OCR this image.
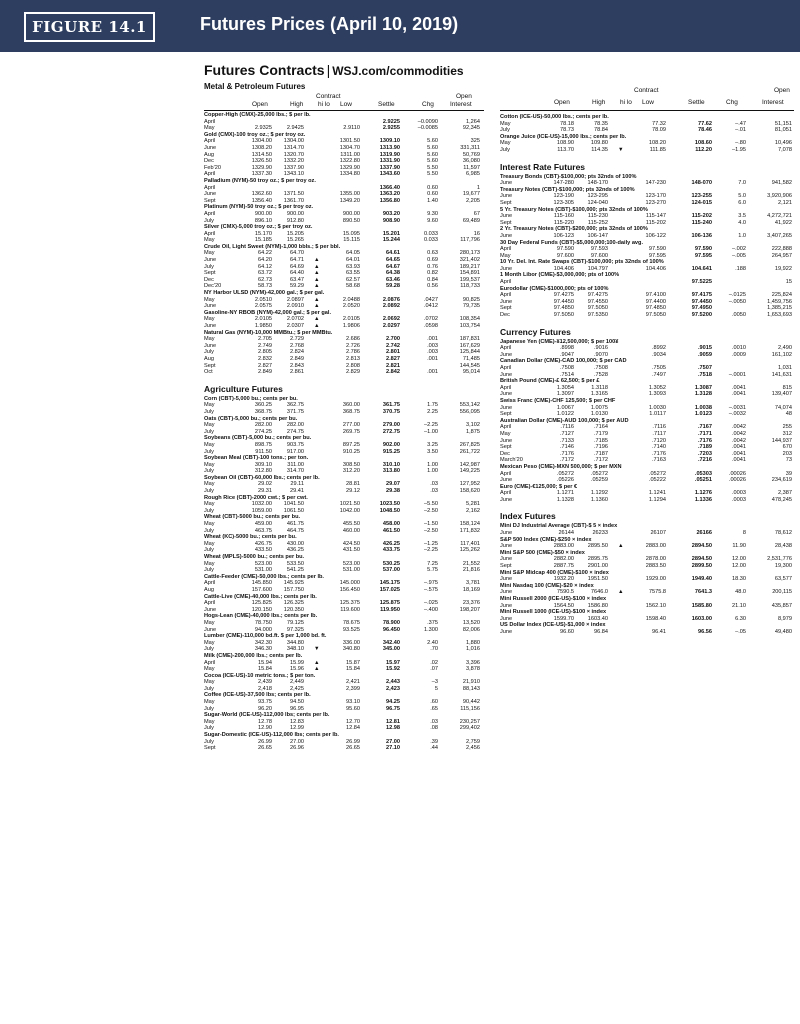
FIGURE 14.1	Futures Prices (April 10, 2019)
Futures Contracts | WSJ.com/commodities
Metal & Petroleum Futures
Contract	Open
Open	High hi lo Low	Settle	Chg Interest
Copper-High (CMX)-25,000 lbs.; $ per lb.
April	2.9225	–0.0090	1,264
May	2.9325	2.9425	2.9110	2.9255	–0.0085	92,345
Gold (CMX)-100 troy oz.; $ per troy oz.
April	1304.00 1304.00	1301.50	1309.10	5.60	325
June	1308.20 1314.70	1304.70	1313.90	5.60	331,311
Aug	1314.50 1320.70	1311.00	1319.90	5.60	50,769
Dec	1326.50 1332.20	1322.80	1331.90	5.60	36,080
Feb'20	1329.90 1337.90	1329.90	1337.90	5.50	11,597
April	1337.30 1343.10	1334.80	1343.60	5.50	6,985
Palladium (NYM)-50 troy oz.; $ per troy oz.
April	1366.40	0.60	1
June	1362.60 1371.50	1355.00	1363.20	0.60	19,677
Sept	1356.40 1361.70	1349.20	1356.80	1.40	2,205
Platinum (NYM)-50 troy oz.; $ per troy oz.
April	900.00	900.00	900.00	903.20	9.30	67
July	896.10	912.80	890.50	908.90	9.60	69,489
Silver (CMX)-5,000 troy oz.; $ per troy oz.
April	15.170	15.205	15.095	15.201	0.033	16
May	15.185	15.265	15.115	15.244	0.033	117,796
Crude Oil, Light Sweet (NYM)-1,000 bbls.; $ per bbl.
May	64.22	64.70	64.05	64.61	0.63	280,173
June	64.20	64.71 ▲	64.01	64.65	0.69	321,402
July	64.12	64.69 ▲	63.93	64.67	0.76	189,217
Sept	63.72	64.40 ▲	63.55	64.38	0.82	154,891
Dec	62.73	63.47 ▲	62.57	63.46	0.84	199,537
Dec'20	58.73	59.29 ▲	58.68	59.28	0.56	118,733
NY Harbor ULSD (NYM)-42,000 gal.; $ per gal.
May	2.0510	2.0897 ▲	2.0488	2.0876	.0427	90,825
June	2.0575	2.0910 ▲	2.0520	2.0892	.0412	79,735
Gasoline-NY RBOB (NYM)-42,000 gal.; $ per gal.
May	2.0105	2.0702 ▲	2.0105	2.0692	.0702	108,354
June	1.9850	2.0307 ▲	1.9806	2.0297	.0598	103,754
Natural Gas (NYM)-10,000 MMBtu.; $ per MMBtu.
May	2.705	2.729	2.686	2.700	.001	187,831
June	2.749	2.768	2.726	2.742	.003	167,629
July	2.805	2.824	2.786	2.801	.003	125,844
Aug	2.832	2.849	2.813	2.827	.001	71,485
Sept	2.827	2.843	2.808	2.821	144,545
Oct	2.849	2.861	2.829	2.842	.001	95,014
Agriculture Futures
Corn (CBT)-5,000 bu.; cents per bu.
May	360.25	362.75	360.00	361.75	1.75	553,142
July	368.75	371.75	368.75	370.75	2.25	556,095
Oats (CBT)-5,000 bu.; cents per bu.
May	282.00	282.00	277.00	279.00	–2.25	3,102
July	274.25	274.75	269.75	272.75	–1.00	1,875
Soybeans (CBT)-5,000 bu.; cents per bu.
May	898.75	903.75	897.25	902.00	3.25	267,825
July	911.50	917.00	910.25	915.25	3.50	261,722
Soybean Meal (CBT)-100 tons.; per ton.
May	309.10	311.00	308.50	310.10	1.00	142,987
July	312.80	314.70	312.20	313.80	1.00	149,225
Soybean Oil (CBT)-60,000 lbs.; cents per lb.
May	29.02	29.11	28.81	29.07	.03	127,952
July	29.31	29.41	29.12	29.38	.03	158,620
Rough Rice (CBT)-2000 cwt.; $ per cwt.
May	1032.00 1041.50	1021.50	1023.50	–5.50	5,281
July	1059.00 1061.50	1042.00	1048.50	–2.50	2,162
Wheat (CBT)-5000 bu.; cents per bu.
May	459.00	461.75	455.50	458.00	–1.50	158,124
July	463.75	464.75	460.00	461.50	–2.50	171,832
Wheat (KC)-5000 bu.; cents per bu.
May	426.75	430.00	424.50	426.25	–1.25	117,401
July	433.50	436.25	431.50	433.75	–2.25	125,262
Wheat (MPLS)-5000 bu.; cents per bu.
May	523.00	533.50	523.00	530.25	7.25	21,552
July	531.00	541.25	531.00	537.00	5.75	21,816
Cattle-Feeder (CME)-50,000 lbs.; cents per lb.
April	145.850 145.925	145.000	145.175	–.975	3,781
Aug	157.600 157.750	156.450	157.025	–.575	18,169
Cattle-Live (CME)-40,000 lbs.; cents per lb.
April	125.825 126.325	125.375	125.875	–.025	23,376
June	120.150 120.350	119.600	119.950	–.400	198,207
Hogs-Lean (CME)-40,000 lbs.; cents per lb.
May	78.750	79.125	78.675	78.900	.375	13,520
June	94.000	97.325	93.525	96.450	1.300	82,006
Lumber (CME)-110,000 bd.ft. $ per 1,000 bd. ft.
May	342.30	344.80	336.00	342.40	2.40	1,880
July	346.30	348.10 ▼	340.80	345.00	.70	1,016
Milk (CME)-200,000 lbs.; cents per lb.
April	15.94	15.99 ▲	15.87	15.97	.02	3,396
May	15.84	15.96 ▲	15.84	15.92	.07	3,878
Cocoa (ICE-US)-10 metric tons.; $ per ton.
May	2,439	2,449	2,421	2,443	–3	21,910
July	2,418	2,425	2,399	2,423	5	88,143
Coffee (ICE-US)-37,500 lbs; cents per lb.
May	93.75	94.50	93.10	94.25	.60	90,442
July	96.20	96.95	95.60	96.75	.65	115,156
Sugar-World (ICE-US)-112,000 lbs; cents per lb.
May	12.78	12.83	12.70	12.81	.03	230,257
July	12.90	12.99	12.84	12.98	.08	299,402
Sugar-Domestic (ICE-US)-112,000 lbs; cents per lb.
July	26.99	27.00	26.99	27.00	.39	2,759
Sept	26.65	26.96	26.65	27.10	.44	2,456
Contract	Open
Open	High hi lo Low	Settle	Chg	Interest
Cotton (ICE-US)-50,000 lbs.; cents per lb.
May	78.18	78.35	77.32	77.62	–.47	51,151
July	78.73	78.84	78.09	78.46	–.01	81,051
Orange Juice (ICE-US)-15,000 lbs.; cents per lb.
May	108.90	109.80	108.20	108.60	–.80	10,496
July	113.70	114.35 ▼	111.85	112.20	–1.95	7,078
Interest Rate Futures
Treasury Bonds (CBT)-$100,000; pts 32nds of 100%
June	147-280 148-170	147-230	148-070	7.0	941,582
Treasury Notes (CBT)-$100,000; pts 32nds of 100%
June	123-190 123-295	123-170	123-255	5.0	3,920,906
Sept	123-305 124-040	123-270	124-015	6.0	2,121
5 Yr. Treasury Notes (CBT)-$100,000; pts 32nds of 100%
June	115-160 115-230	115-147	115-202	3.5	4,272,721
Sept	115-220 115-252	115-202	115-240	4.0	41,922
2 Yr. Treasury Notes (CBT)-$200,000; pts 32nds of 100%
June	106-123 106-147	106-122	106-136	1.0	3,407,265
30 Day Federal Funds (CBT)-$5,000,000;100-daily avg.
April	97.590	97.593	97.590	97.590	–.002	222,888
May	97.600	97.600	97.595	97.595	–.005	264,957
10 Yr. Del. Int. Rate Swaps (CBT)-$100,000; pts 32nds of 100%
June	104.406 104.797	104.406	104.641	.188	19,922
1 Month Libor (CME)-$3,000,000; pts of 100%
April	97.5225	15
Eurodollar (CME)-$1000,000; pts of 100%
April	97.4275 97.4275	97.4100	97.4175	–.0125	225,824
June	97.4450 97.4550	97.4400	97.4450	–.0050	1,459,756
Sept	97.4850 97.5050	97.4850	97.4950	1,385,215
Dec	97.5050 97.5350	97.5050	97.5200	.0050	1,653,693
Currency Futures
Japanese Yen (CME)-¥12,500,000; $ per 100¥
April	.8998	.9016	.8992	.9015	.0010	2,490
June	.9047	.9070	.9034	.9059	.0009	161,102
Canadian Dollar (CME)-CAD 100,000; $ per CAD
April	.7508	.7508	.7505	.7507	1,031
June	.7514	.7528	.7497	.7518	–.0001	141,631
British Pound (CME)-£ 62,500; $ per £
April	1.3054	1.3118	1.3052	1.3087	.0041	815
June	1.3097	1.3165	1.3093	1.3128	.0041	139,407
Swiss Franc (CME)-CHF 125,500; $ per CHF
June	1.0067	1.0075	1.0030	1.0038	–.0031	74,074
Sept	1.0122	1.0130	1.0117	1.0123	–.0032	48
Australian Dollar (CME)-AUD 100,000; $ per AUD
April	.7116	.7164	.7116	.7167	.0042	255
May	.7127	.7179	.7117	.7171	.0042	312
June	.7133	.7185	.7120	.7176	.0042	144,937
Sept	.7146	.7196	.7140	.7189	.0041	670
Dec	.7176	.7187	.7176	.7203	.0041	203
March'20	.7172	.7172	.7163	.7216	.0041	73
Mexican Peso (CME)-MXN 500,000; $ per MXN
April	.05272	.05272	.05272	.05303	.00026	39
June	.05226	.05259	.05222	.05251	.00026	234,619
Euro (CME)-€125,000; $ per €
April	1.1271	1.1292	1.1241	1.1276	.0003	2,387
June	1.1328	1.1360	1.1294	1.1336	.0003	478,245
Index Futures
Mini DJ Industrial Average (CBT)-$ 5 × index
June	26144	26233	26107	26166	8	78,612
S&P 500 Index (CME)-$250 × index
June	2883.00 2895.50 ▲	2883.00	2894.50	11.90	28,438
Mini S&P 500 (CME)-$50 × index
June	2882.00 2895.75	2878.00	2894.50	12.00	2,531,776
Sept	2887.75 2901.00	2883.50	2899.50	12.00	19,300
Mini S&P Midcap 400 (CME)-$100 × index
June	1932.20 1951.50	1929.00	1949.40	18.30	63,577
Mini Nasdaq 100 (CME)-$20 × index
June	7590.5	7646.0 ▲	7575.8	7641.3	48.0	200,115
Mini Russell 2000 (ICE-US)-$100 × index
June	1564.50 1586.80	1562.10	1585.80	21.10	435,857
Mini Russell 1000 (ICE-US)-$100 × index
June	1599.70 1603.40	1598.40	1603.00	6.30	8,979
US Dollar Index (ICE-US)-$1,000 × index
June	96.60	96.84	96.41	96.56	–.05	49,480
